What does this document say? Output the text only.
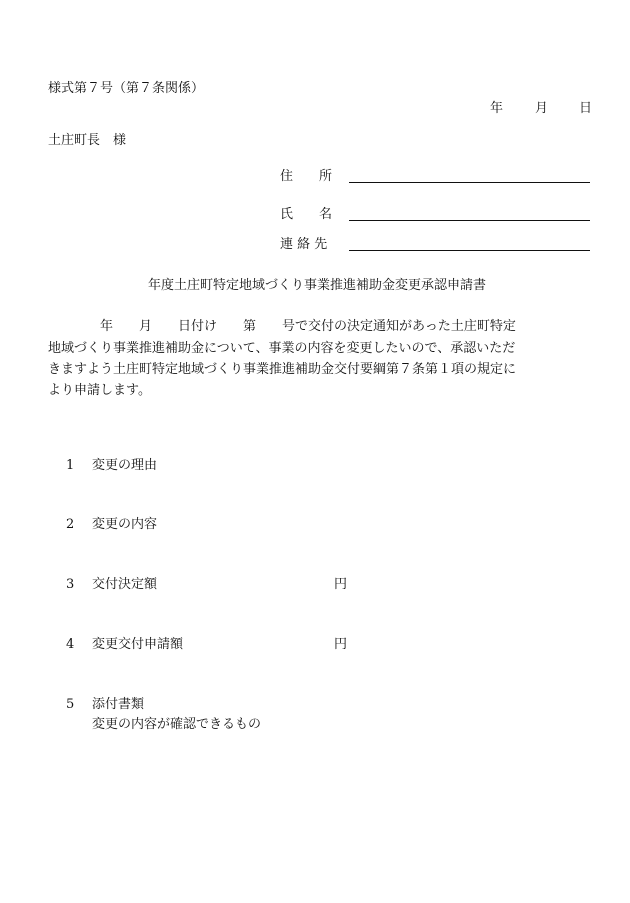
様式第７号（第７条関係）
年 月 日
土庄町長　様
住　　所
氏　　名
連 絡 先
年度土庄町特定地域づくり事業推進補助金変更承認申請書
　　　　年　　月　　日付け　　第　　号で交付の決定通知があった土庄町特定
地域づくり事業推進補助金について、事業の内容を変更したいので、承認いただ
きますよう土庄町特定地域づくり事業推進補助金交付要綱第７条第１項の規定に
より申請します。
1 変更の理由
2 変更の内容
3 交付決定額	円
4 変更交付申請額	円
5 添付書類
変更の内容が確認できるもの
